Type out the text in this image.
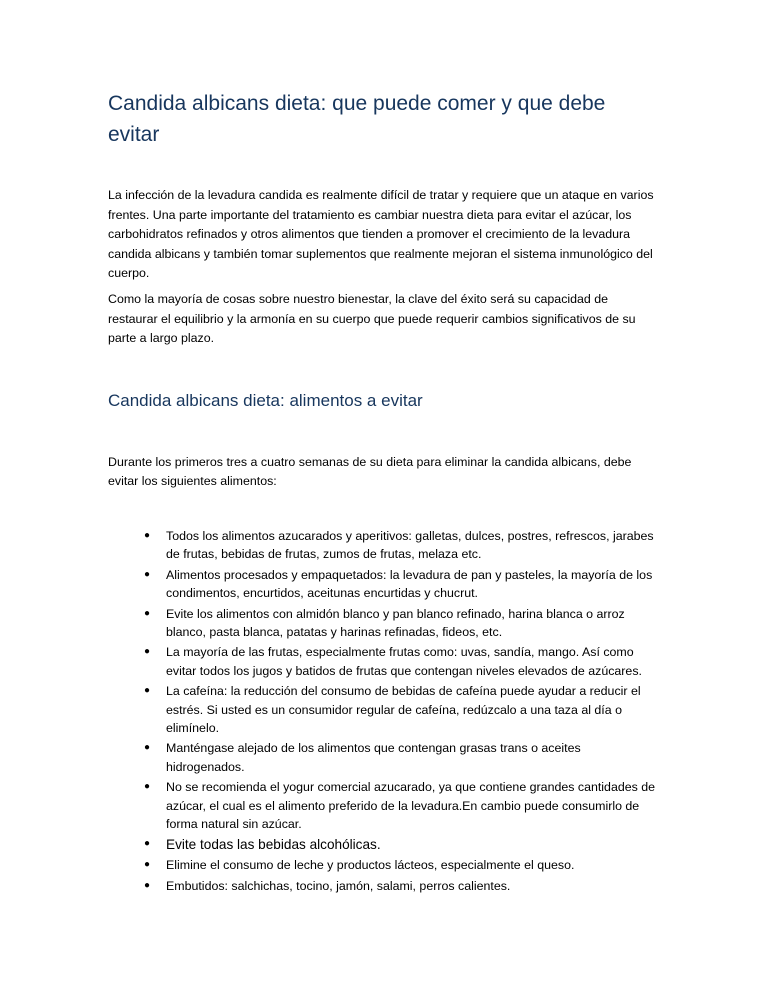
Candida albicans dieta: que puede comer y que debe evitar

La infección de la levadura candida es realmente difícil de tratar y requiere que un ataque en varios frentes. Una parte importante del tratamiento es cambiar nuestra dieta para evitar el azúcar, los carbohidratos refinados y otros alimentos que tienden a promover el crecimiento de la levadura candida albicans y también tomar suplementos que realmente mejoran el sistema inmunológico del cuerpo.

Como la mayoría de cosas sobre nuestro bienestar, la clave del éxito será su capacidad de restaurar el equilibrio y la armonía en su cuerpo que puede requerir cambios significativos de su parte a largo plazo.

Candida albicans dieta: alimentos a evitar

Durante los primeros tres a cuatro semanas de su dieta para eliminar la candida albicans, debe evitar los siguientes alimentos:

● Todos los alimentos azucarados y aperitivos: galletas, dulces, postres, refrescos, jarabes de frutas, bebidas de frutas, zumos de frutas, melaza etc.
● Alimentos procesados y empaquetados: la levadura de pan y pasteles, la mayoría de los condimentos, encurtidos, aceitunas encurtidas y chucrut.
● Evite los alimentos con almidón blanco y pan blanco refinado, harina blanca o arroz blanco, pasta blanca, patatas y harinas refinadas, fideos, etc.
● La mayoría de las frutas, especialmente frutas como: uvas, sandía, mango. Así como evitar todos los jugos y batidos de frutas que contengan niveles elevados de azúcares.
● La cafeína: la reducción del consumo de bebidas de cafeína puede ayudar a reducir el estrés. Si usted es un consumidor regular de cafeína, redúzcalo a una taza al día o elimínelo.
● Manténgase alejado de los alimentos que contengan grasas trans o aceites hidrogenados.
● No se recomienda el yogur comercial azucarado, ya que contiene grandes cantidades de azúcar, el cual es el alimento preferido de la levadura.En cambio puede consumirlo de forma natural sin azúcar.
● Evite todas las bebidas alcohólicas.
● Elimine el consumo de leche y productos lácteos, especialmente el queso.
● Embutidos: salchichas, tocino, jamón, salami, perros calientes.
